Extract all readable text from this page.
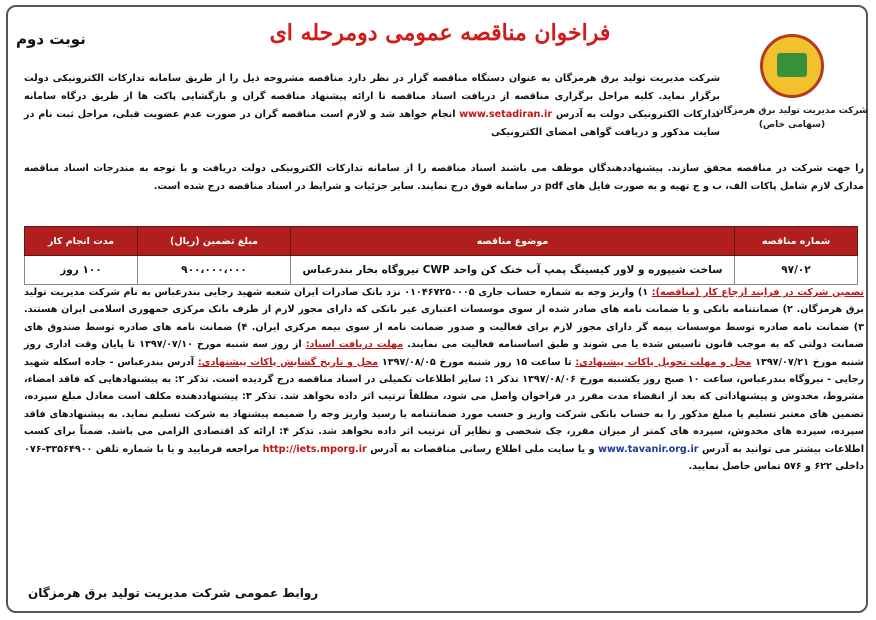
شرکت مدیریت تولید برق هرمزگان
(سهامی خاص)
فراخوان مناقصه عمومی دومرحله ای
نوبت دوم

شرکت مدیریت تولید برق هرمزگان به عنوان دستگاه مناقصه گزار در نظر دارد مناقصه مشروحه ذیل را از طریق سامانه تدارکات الکترونیکی دولت برگزار نماید. کلیه مراحل برگزاری مناقصه از دریافت اسناد مناقصه تا ارائه پیشنهاد مناقصه گران و بازگشایی پاکت ها از طریق درگاه سامانه تدارکات الکترونیکی دولت به آدرس www.setadiran.ir انجام خواهد شد و لازم است مناقصه گران در صورت عدم عضویت قبلی، مراحل ثبت نام در سایت مذکور و دریافت گواهی امضای الکترونیکی

را جهت شرکت در مناقصه محقق سازند. پیشنهاددهندگان موظف می باشند اسناد مناقصه را از سامانه تدارکات الکترونیکی دولت دریافت و با توجه به مندرجات اسناد مناقصه مدارک لازم شامل پاکات الف، ب و ج تهیه و به صورت فایل های pdf در سامانه فوق درج نمایند. سایر جزئیات و شرایط در اسناد مناقصه درج شده است.

شماره مناقصه	موضوع مناقصه	مبلغ تضمین (ریال)	مدت انجام کار
۹۷/۰۲	ساخت شیپوره و لاور کیسینگ پمپ آب خنک کن واحد CWP نیروگاه بخار بندرعباس	۹۰۰،۰۰۰،۰۰۰	۱۰۰ روز

تضمین شرکت در فرایند ارجاع کار (مناقصه): ۱) واریز وجه به شماره حساب جاری ۰۱۰۴۶۷۲۵۰۰۰۵ نزد بانک صادرات ایران شعبه شهید رجایی بندرعباس به نام شرکت مدیریت تولید برق هرمزگان. ۲) ضمانتنامه بانکی و یا ضمانت نامه های صادر شده از سوی موسسات اعتباری غیر بانکی که دارای مجوز لازم از طرف بانک مرکزی جمهوری اسلامی ایران هستند. ۳) ضمانت نامه صادره توسط موسسات بیمه گر دارای مجوز لازم برای فعالیت و صدور ضمانت نامه از سوی بیمه مرکزی ایران. ۴) ضمانت نامه های صادره توسط صندوق های ضمانت دولتی که به موجب قانون تاسیس شده یا می شوند و طبق اساسنامه فعالیت می نمایند. مهلت دریافت اسناد: از روز سه شنبه مورخ ۱۳۹۷/۰۷/۱۰ تا پایان وقت اداری روز شنبه مورخ ۱۳۹۷/۰۷/۲۱ محل و مهلت تحویل پاکات پیشنهادی: تا ساعت ۱۵ روز شنبه مورخ ۱۳۹۷/۰۸/۰۵ محل و تاریخ گشایش پاکات پیشنهادی: آدرس بندرعباس - جاده اسکله شهید رجایی - نیروگاه بندرعباس، ساعت ۱۰ صبح روز یکشنبه مورخ ۱۳۹۷/۰۸/۰۶ تذکر ۱: سایر اطلاعات تکمیلی در اسناد مناقصه درج گردیده است. تذکر ۲: به پیشنهادهایی که فاقد امضاء، مشروط، مخدوش و پیشنهاداتی که بعد از انقضاء مدت مقرر در فراخوان واصل می شود، مطلقاً ترتیب اثر داده نخواهد شد. تذکر ۳: پیشنهاددهنده مکلف است معادل مبلغ سپرده، تضمین های معتبر تسلیم یا مبلغ مذکور را به حساب بانکی شرکت واریز و حسب مورد ضمانتنامه یا رسید واریز وجه را ضمیمه پیشنهاد به شرکت تسلیم نماید. به پیشنهادهای فاقد سپرده، سپرده های مخدوش، سپرده های کمتر از میزان مقرر، چک شخصی و نظایر آن ترتیب اثر داده نخواهد شد. تذکر ۴: ارائه کد اقتصادی الزامی می باشد. ضمناً برای کسب اطلاعات بیشتر می توانید به آدرس www.tavanir.org.ir و یا سایت ملی اطلاع رسانی مناقصات به آدرس http://iets.mporg.ir مراجعه فرمایید و یا با شماره تلفن ۳۳۵۶۴۹۰۰-۰۷۶ داخلی ۶۲۲ و ۵۷۶ تماس حاصل نمایید.

روابط عمومی شرکت مدیریت تولید برق هرمزگان
